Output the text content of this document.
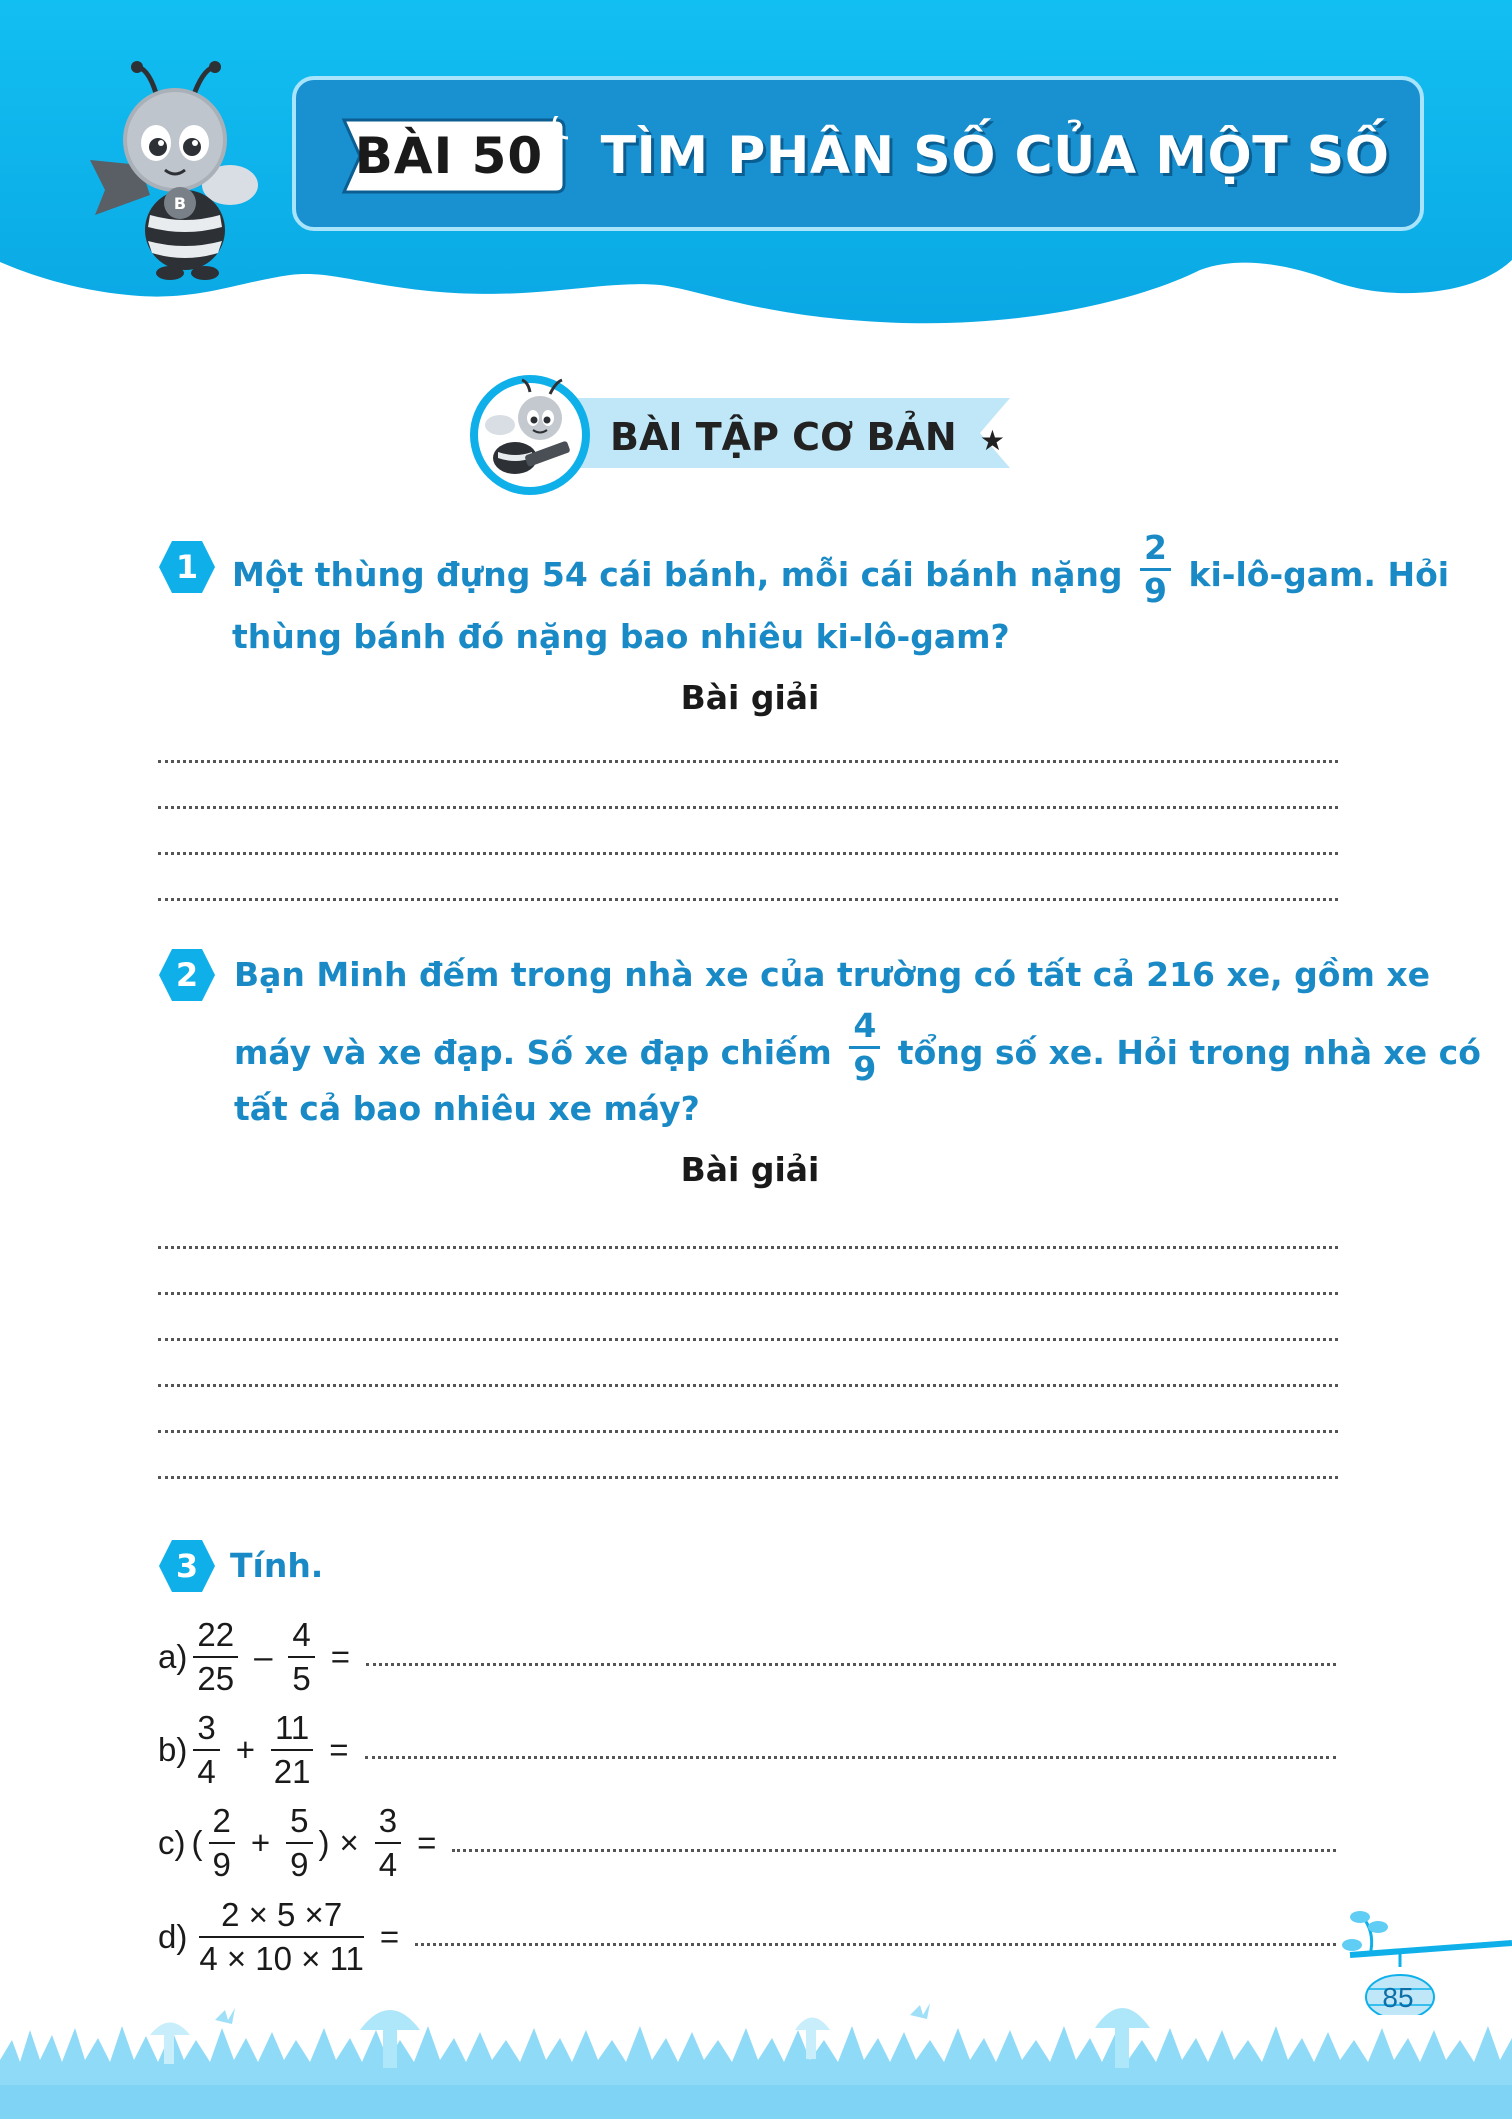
BÀI 50	TÌM PHÂN SỐ CỦA MỘT SỐ
B
BÀI TẬP CƠ BẢN ★
1	Một thùng đựng 54 cái bánh, mỗi cái bánh nặng $\frac{2}{9}$ ki-lô-gam. Hỏi
thùng bánh đó nặng bao nhiêu ki-lô-gam?
Bài giải
2	Bạn Minh đếm trong nhà xe của trường có tất cả 216 xe, gồm xe
máy và xe đạp. Số xe đạp chiếm $\frac{4}{9}$ tổng số xe. Hỏi trong nhà xe có
tất cả bao nhiêu xe máy?
Bài giải
3 Tính.
$a) \frac{22}{25} - \frac{4}{5}$ =
$b) \frac{3}{4} + \frac{11}{21}$ =
c) ( $\frac{2}{9} + \frac{5}{9}$ ) × $\frac{3}{4}$ =
$d) \frac{2 \times 5 \times 7}{4 \times 10 \times 11}$ =
85
